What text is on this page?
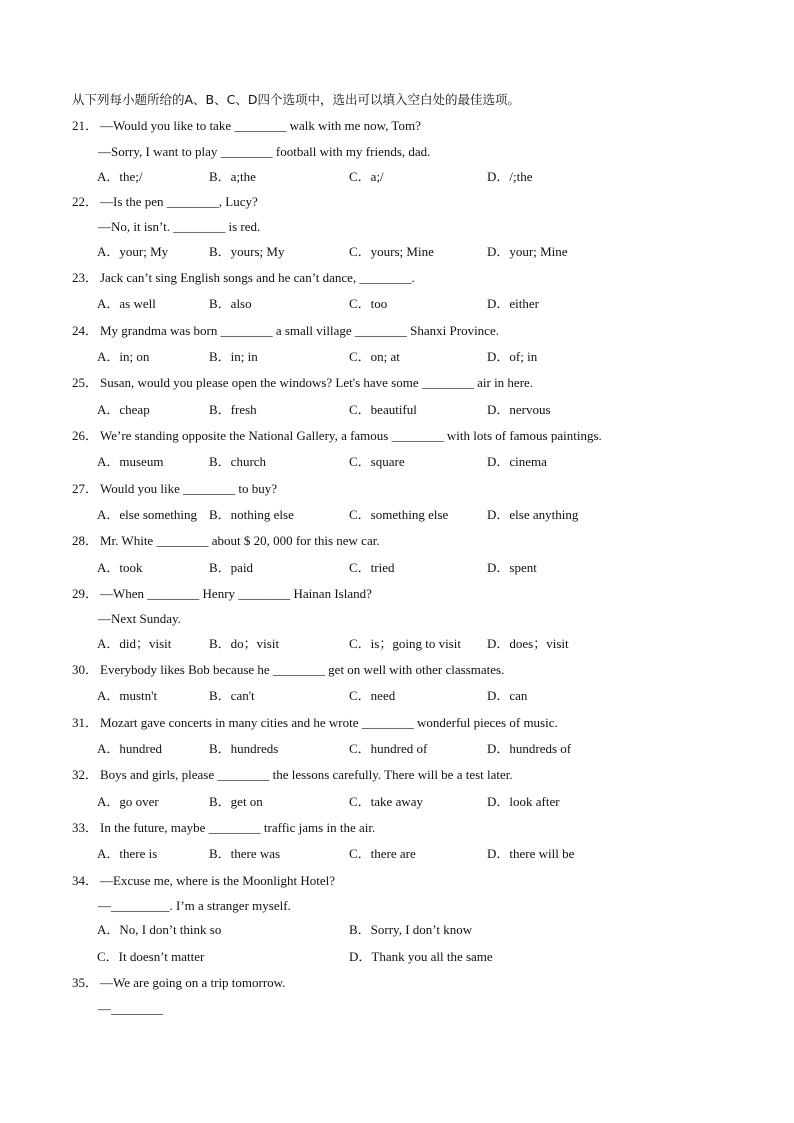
从下列每小题所给的A、B、C、D四个选项中，选出可以填入空白处的最佳选项。
21． —Would you like to take ________ walk with me now, Tom?
—Sorry, I want to play ________ football with my friends, dad.
A．the;/	B．a;the	C．a;/	D．/;the
22． —Is the pen ________, Lucy?
—No, it isn’t. ________ is red.
A．your; My	B．yours; My	C．yours; Mine	D．your; Mine
23． Jack can’t sing English songs and he can’t dance, ________.
A．as well	B．also	C．too	D．either
24． My grandma was born ________ a small village ________ Shanxi Province.
A．in; on	B．in; in	C．on; at	D．of; in
25． Susan, would you please open the windows? Let's have some ________ air in here.
A．cheap	B．fresh	C．beautiful	D．nervous
26． We’re standing opposite the National Gallery, a famous ________ with lots of famous paintings.
A．museum	B．church	C．square	D．cinema
27． Would you like ________ to buy?
A．else something B．nothing else	C．something else	D．else anything
28． Mr. White ________ about $ 20, 000 for this new car.
A．took	B．paid	C．tried	D．spent
29． —When ________ Henry ________ Hainan Island?
—Next Sunday.
A．did；visit	B．do；visit	C．is；going to visit D．does；visit
30． Everybody likes Bob because he ________ get on well with other classmates.
A．mustn't	B．can't	C．need	D．can
31． Mozart gave concerts in many cities and he wrote ________ wonderful pieces of music.
A．hundred	B．hundreds	C．hundred of	D．hundreds of
32． Boys and girls, please ________ the lessons carefully. There will be a test later.
A．go over	B．get on	C．take away	D．look after
33． In the future, maybe ________ traffic jams in the air.
A．there is	B．there was	C．there are	D．there will be
34． —Excuse me, where is the Moonlight Hotel?
—_________. I’m a stranger myself.
A．No, I don’t think so	B．Sorry, I don’t know
C．It doesn’t matter	D．Thank you all the same
35． —We are going on a trip tomorrow.
—________
